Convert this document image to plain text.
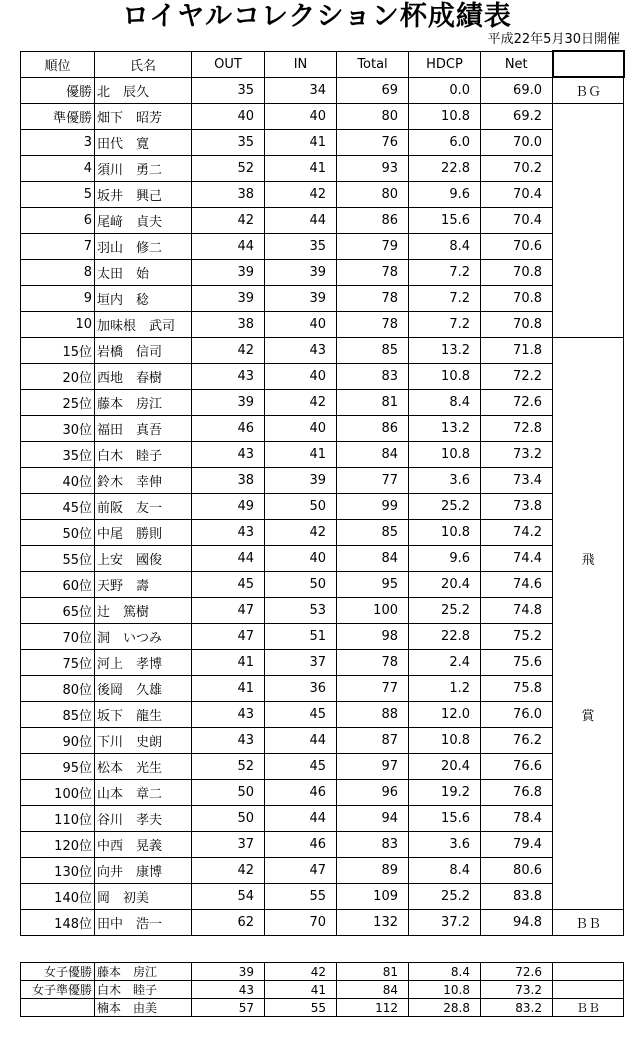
ロイヤルコレクション杯成績表
平成22年5月30日開催
順位	氏名	OUT	IN	Total	HDCP	Net	
優勝	北　辰久	35	34	69	0.0	69.0	ＢＧ
準優勝	畑下　昭芳	40	40	80	10.8	69.2	
3	田代　寛	35	41	76	6.0	70.0	
4	須川　勇二	52	41	93	22.8	70.2	
5	坂井　興己	38	42	80	9.6	70.4	
6	尾﨑　貞夫	42	44	86	15.6	70.4	
7	羽山　修二	44	35	79	8.4	70.6	
8	太田　始	39	39	78	7.2	70.8	
9	垣内　稔	39	39	78	7.2	70.8	
10	加味根　武司	38	40	78	7.2	70.8	
15位	岩橋　信司	42	43	85	13.2	71.8	
20位	西地　春樹	43	40	83	10.8	72.2	
25位	藤本　房江	39	42	81	8.4	72.6	
30位	福田　真吾	46	40	86	13.2	72.8	
35位	白木　睦子	43	41	84	10.8	73.2	
40位	鈴木　幸伸	38	39	77	3.6	73.4	
45位	前阪　友一	49	50	99	25.2	73.8	
50位	中尾　勝則	43	42	85	10.8	74.2	
55位	上安　國俊	44	40	84	9.6	74.4	飛
60位	天野　壽	45	50	95	20.4	74.6	
65位	辻　篤樹	47	53	100	25.2	74.8	
70位	洞　いつみ	47	51	98	22.8	75.2	
75位	河上　孝博	41	37	78	2.4	75.6	
80位	後岡　久雄	41	36	77	1.2	75.8	
85位	坂下　龍生	43	45	88	12.0	76.0	賞
90位	下川　史朗	43	44	87	10.8	76.2	
95位	松本　光生	52	45	97	20.4	76.6	
100位	山本　章二	50	46	96	19.2	76.8	
110位	谷川　孝夫	50	44	94	15.6	78.4	
120位	中西　晃義	37	46	83	3.6	79.4	
130位	向井　康博	42	47	89	8.4	80.6	
140位	岡　初美	54	55	109	25.2	83.8	
148位	田中　浩一	62	70	132	37.2	94.8	ＢＢ
女子優勝	藤本　房江	39	42	81	8.4	72.6	
女子準優勝	白木　睦子	43	41	84	10.8	73.2	
	楠本　由美	57	55	112	28.8	83.2	ＢＢ
